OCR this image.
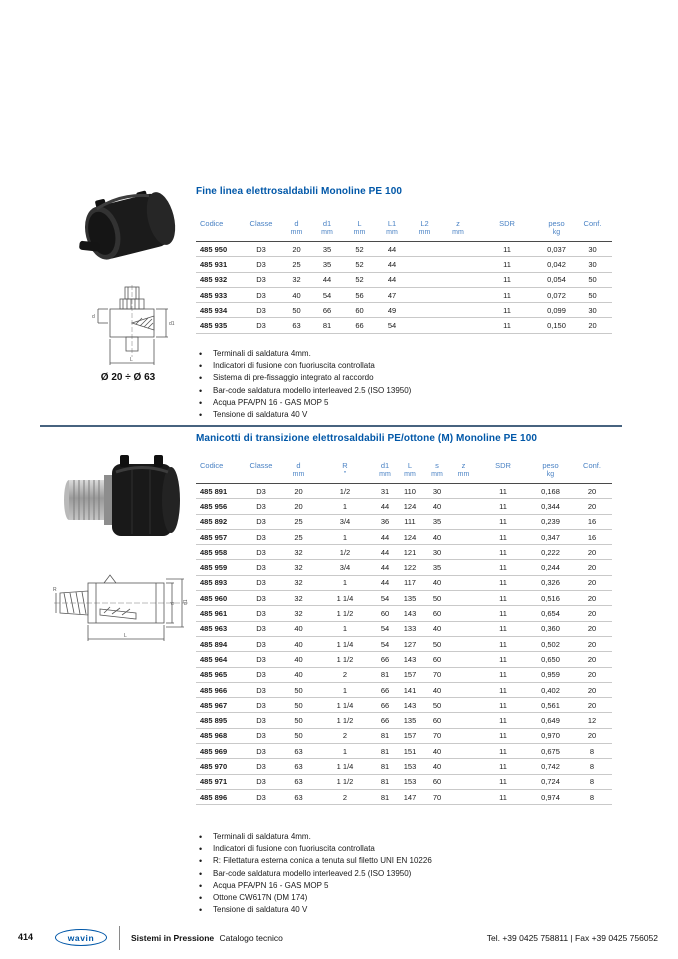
L
d1
d
Ø 20 ÷ Ø 63
Fine linea elettrosaldabili Monoline PE 100
Codice	Classe	d
mm

d1
mm

L
mm

L1
mm

L2
mm

z
mm

SDR	peso
kg

Conf.

485 950	D3	20	35	52	44			11	0,037	30
485 931	D3	25	35	52	44			11	0,042	30
485 932	D3	32	44	52	44			11	0,054	50
485 933	D3	40	54	56	47			11	0,072	50
485 934	D3	50	66	60	49			11	0,099	30
485 935	D3	63	81	66	54			11	0,150	20
• Terminali di saldatura 4mm.
• Indicatori di fusione con fuoriuscita controllata
• Sistema di pre-fissaggio integrato al raccordo
• Bar-code saldatura modello interleaved 2.5 (ISO 13950)
• Acqua PFA/PN 16 - GAS MOP 5
• Tensione di saldatura 40 V
L
d d1
R
Manicotti di transizione elettrosaldabili PE/ottone (M) Monoline PE 100
Codice	Classe	d
mm

R
"

d1
mm

L
mm

s
mm

z
mm

SDR	peso
kg

Conf.

485 891	D3	20	1/2	31	110	30		11	0,168	20
485 956	D3	20	1	44	124	40		11	0,344	20
485 892	D3	25	3/4	36	111	35		11	0,239	16
485 957	D3	25	1	44	124	40		11	0,347	16
485 958	D3	32	1/2	44	121	30		11	0,222	20
485 959	D3	32	3/4	44	122	35		11	0,244	20
485 893	D3	32	1	44	117	40		11	0,326	20
485 960	D3	32	1 1/4	54	135	50		11	0,516	20
485 961	D3	32	1 1/2	60	143	60		11	0,654	20
485 963	D3	40	1	54	133	40		11	0,360	20
485 894	D3	40	1 1/4	54	127	50		11	0,502	20
485 964	D3	40	1 1/2	66	143	60		11	0,650	20
485 965	D3	40	2	81	157	70		11	0,959	20
485 966	D3	50	1	66	141	40		11	0,402	20
485 967	D3	50	1 1/4	66	143	50		11	0,561	20
485 895	D3	50	1 1/2	66	135	60		11	0,649	12
485 968	D3	50	2	81	157	70		11	0,970	20
485 969	D3	63	1	81	151	40		11	0,675	8
485 970	D3	63	1 1/4	81	153	40		11	0,742	8
485 971	D3	63	1 1/2	81	153	60		11	0,724	8
485 896	D3	63	2	81	147	70		11	0,974	8
• Terminali di saldatura 4mm.
• Indicatori di fusione con fuoriuscita controllata
• R: Filettatura esterna conica a tenuta sul filetto UNI EN 10226
• Bar-code saldatura modello interleaved 2.5 (ISO 13950)
• Acqua PFA/PN 16 - GAS MOP 5
• Ottone CW617N (DM 174)
• Tensione di saldatura 40 V
414	wavin	Sistemi in Pressione Catalogo tecnico	Tel. +39 0425 758811 | Fax +39 0425 756052
